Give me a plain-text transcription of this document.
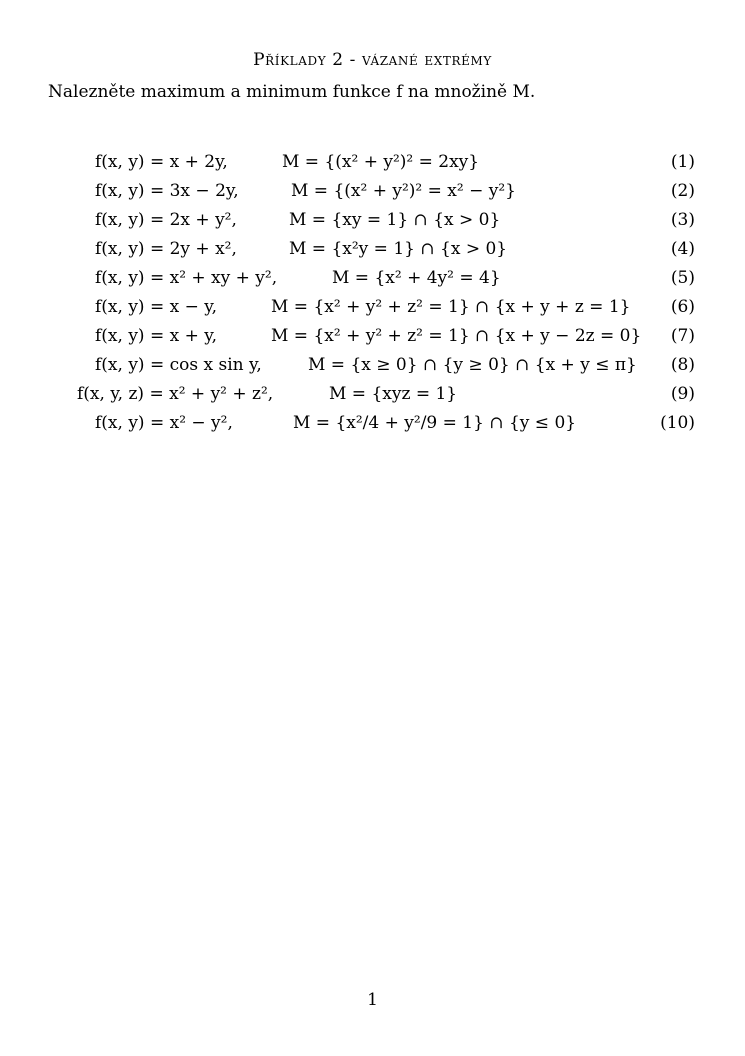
Příklady 2 - vázané extrémy
Nalezněte maximum a minimum funkce f na množině M.
f(x, y) = x + 2y,	M = {(x² + y²)² = 2xy}	(1)
f(x, y) = 3x − 2y,	M = {(x² + y²)² = x² − y²}	(2)
f(x, y) = 2x + y²,	M = {xy = 1} ∩ {x > 0}	(3)
f(x, y) = 2y + x²,	M = {x²y = 1} ∩ {x > 0}	(4)
f(x, y) = x² + xy + y²,	M = {x² + 4y² = 4}	(5)
f(x, y) = x − y,	M = {x² + y² + z² = 1} ∩ {x + y + z = 1} (6)
f(x, y) = x + y,	M = {x² + y² + z² = 1} ∩ {x + y − 2z = 0} (7)
f(x, y) = cos x sin y,	M = {x ≥ 0} ∩ {y ≥ 0} ∩ {x + y ≤ π} (8)
f(x, y, z) = x² + y² + z²,	M = {xyz = 1}	(9)
f(x, y) = x² − y²,	M = {x²/4 + y²/9 = 1} ∩ {y ≤ 0}	(10)
1
